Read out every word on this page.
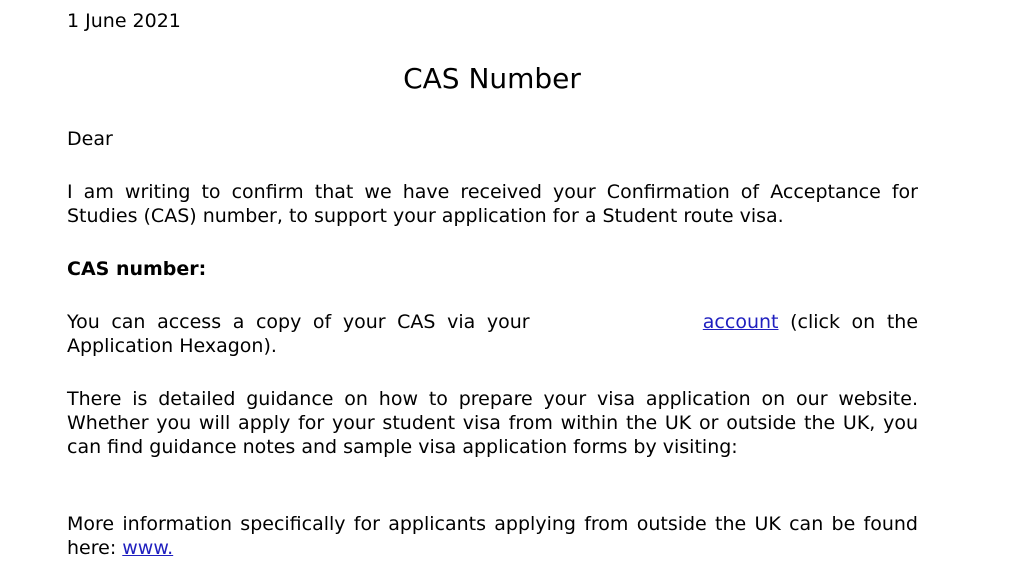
1 June 2021
CAS Number
Dear
I am writing to confirm that we have received your Confirmation of Acceptance for Studies (CAS) number, to support your application for a Student route visa.
CAS number:
You can access a copy of your CAS via your	account (click on the Application Hexagon).
There is detailed guidance on how to prepare your visa application on our website. Whether you will apply for your student visa from within the UK or outside the UK, you can find guidance notes and sample visa application forms by visiting:
More information specifically for applicants applying from outside the UK can be found here: www.
